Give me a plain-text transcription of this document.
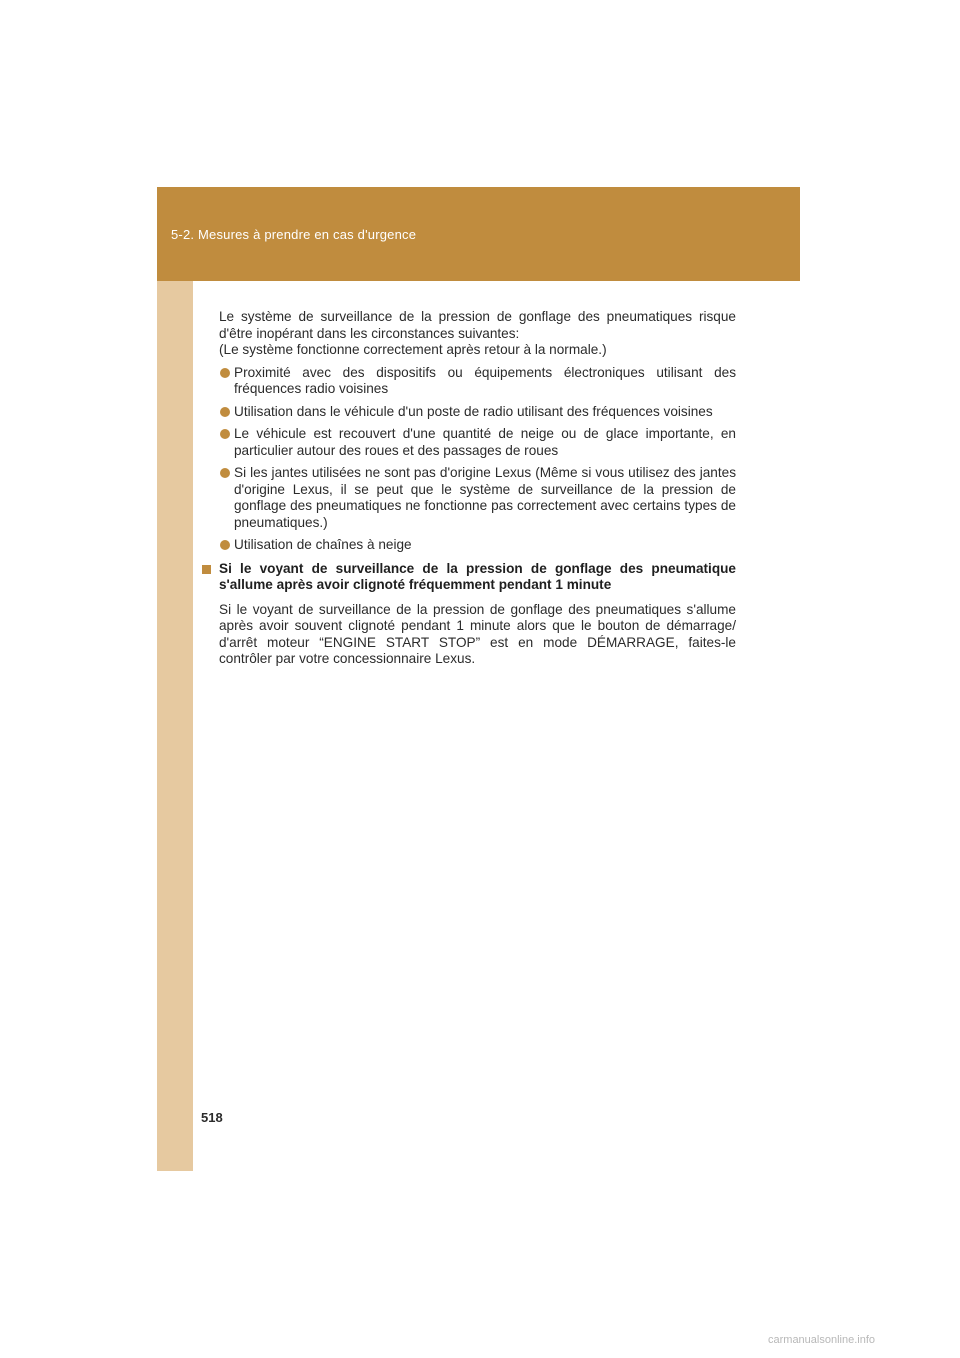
5-2. Mesures à prendre en cas d'urgence

Le système de surveillance de la pression de gonflage des pneumatiques risque d'être inopérant dans les circonstances suivantes:
(Le système fonctionne correctement après retour à la normale.)

Proximité avec des dispositifs ou équipements électroniques utilisant des fréquences radio voisines
Utilisation dans le véhicule d'un poste de radio utilisant des fréquences voisines
Le véhicule est recouvert d'une quantité de neige ou de glace importante, en particulier autour des roues et des passages de roues
Si les jantes utilisées ne sont pas d'origine Lexus (Même si vous utilisez des jantes d'origine Lexus, il se peut que le système de surveillance de la pression de gonflage des pneumatiques ne fonctionne pas correctement avec certains types de pneumatiques.)
Utilisation de chaînes à neige

Si le voyant de surveillance de la pression de gonflage des pneumatique s'allume après avoir clignoté fréquemment pendant 1 minute

Si le voyant de surveillance de la pression de gonflage des pneumatiques s'allume après avoir souvent clignoté pendant 1 minute alors que le bouton de démarrage/ d'arrêt moteur “ENGINE START STOP” est en mode DÉMARRAGE, faites-le contrôler par votre concessionnaire Lexus.

518
carmanualsonline.info
